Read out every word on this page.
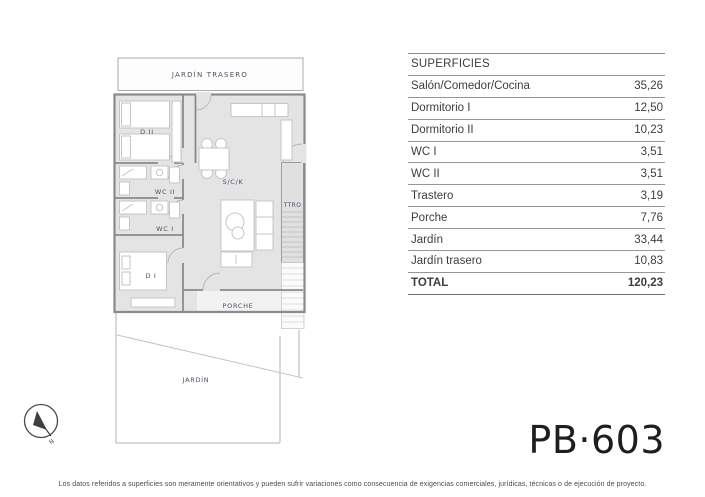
JARDÍN TRASERO
TTRO
D II
WC II
WC I
D I
S/C/K
PORCHE
JARDÍN
N
SUPERFICIES
Salón/Comedor/Cocina	35,26
Dormitorio I	12,50
Dormitorio II	10,23
WC I	3,51
WC II	3,51
Trastero	3,19
Porche	7,76
Jardín	33,44
Jardín trasero	10,83
TOTAL	120,23
PB·603
Los datos referidos a superficies son meramente orientativos y pueden sufrir variaciones como consecuencia de exigencias comerciales, jurídicas, técnicas o de ejecución de proyecto.
